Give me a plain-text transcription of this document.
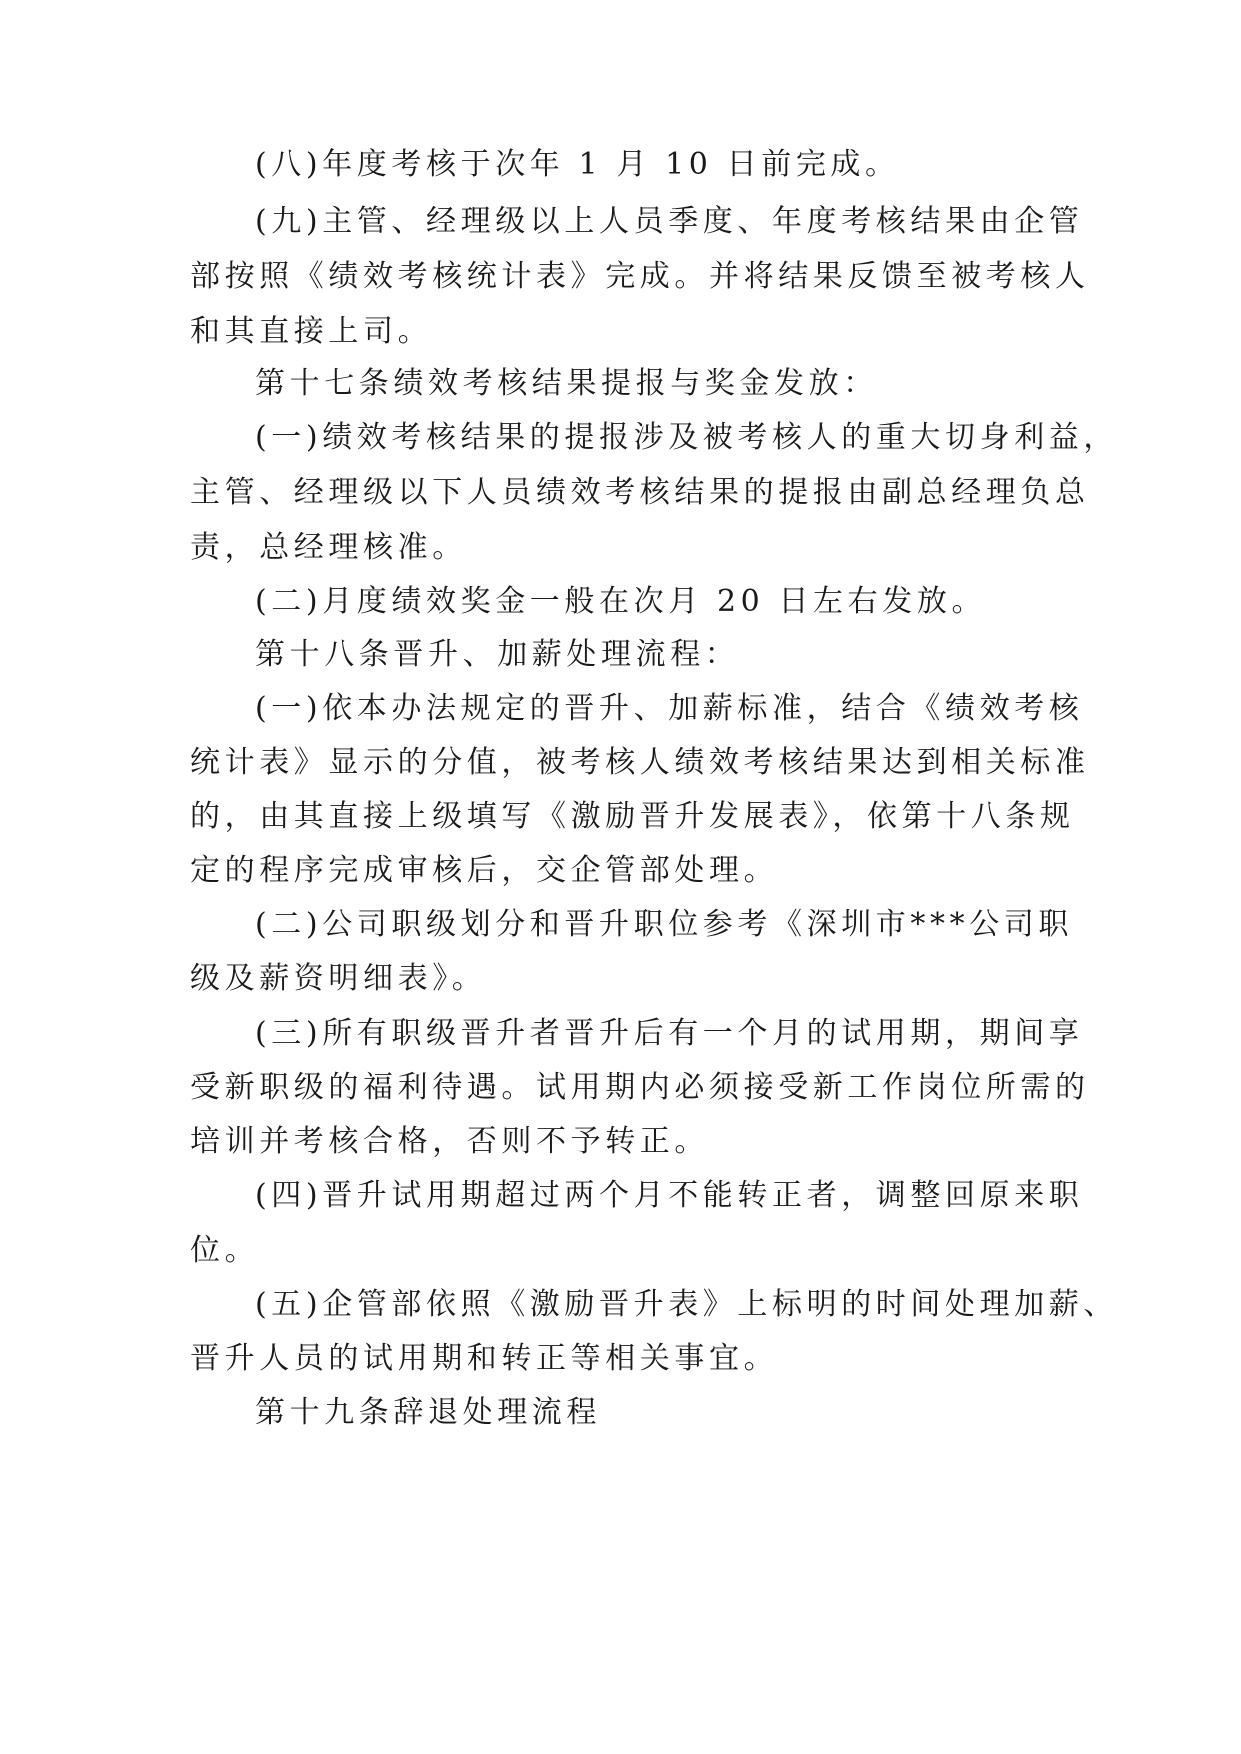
(八)年度考核于次年 1 月 10 日前完成。
(九)主管、经理级以上人员季度、年度考核结果由企管
部按照《绩效考核统计表》完成。并将结果反馈至被考核人
和其直接上司。
第十七条绩效考核结果提报与奖金发放：
(一)绩效考核结果的提报涉及被考核人的重大切身利益，
主管、经理级以下人员绩效考核结果的提报由副总经理负总
责，总经理核准。
(二)月度绩效奖金一般在次月 20 日左右发放。
第十八条晋升、加薪处理流程：
(一)依本办法规定的晋升、加薪标准，结合《绩效考核
统计表》显示的分值，被考核人绩效考核结果达到相关标准
的，由其直接上级填写《激励晋升发展表》，依第十八条规
定的程序完成审核后，交企管部处理。
(二)公司职级划分和晋升职位参考《深圳市***公司职
级及薪资明细表》。
(三)所有职级晋升者晋升后有一个月的试用期，期间享
受新职级的福利待遇。试用期内必须接受新工作岗位所需的
培训并考核合格，否则不予转正。
(四)晋升试用期超过两个月不能转正者，调整回原来职
位。
(五)企管部依照《激励晋升表》上标明的时间处理加薪、
晋升人员的试用期和转正等相关事宜。
第十九条辞退处理流程
